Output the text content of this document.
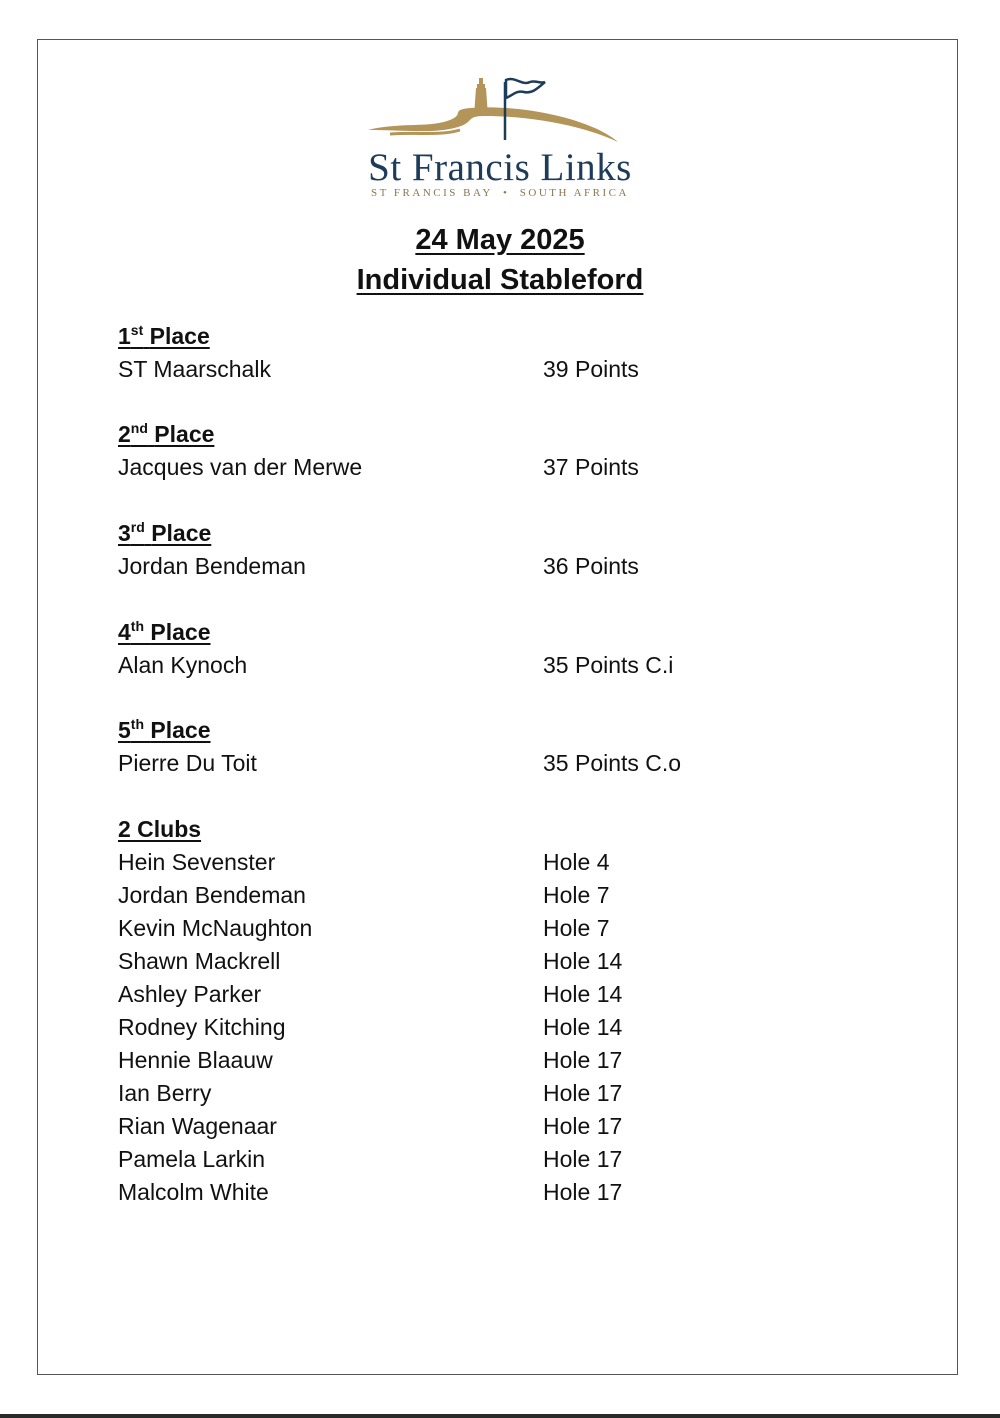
St Francis Links
ST FRANCIS BAY  •  SOUTH AFRICA
24 May 2025
Individual Stableford
1st Place
ST Maarschalk	39 Points
2nd Place
Jacques van der Merwe	37 Points
3rd Place
Jordan Bendeman	36 Points
4th Place
Alan Kynoch	35 Points C.i
5th Place
Pierre Du Toit	35 Points C.o
2 Clubs
Hein Sevenster	Hole 4
Jordan Bendeman	Hole 7
Kevin McNaughton	Hole 7
Shawn Mackrell	Hole 14
Ashley Parker	Hole 14
Rodney Kitching	Hole 14
Hennie Blaauw	Hole 17
Ian Berry	Hole 17
Rian Wagenaar	Hole 17
Pamela Larkin	Hole 17
Malcolm White	Hole 17
